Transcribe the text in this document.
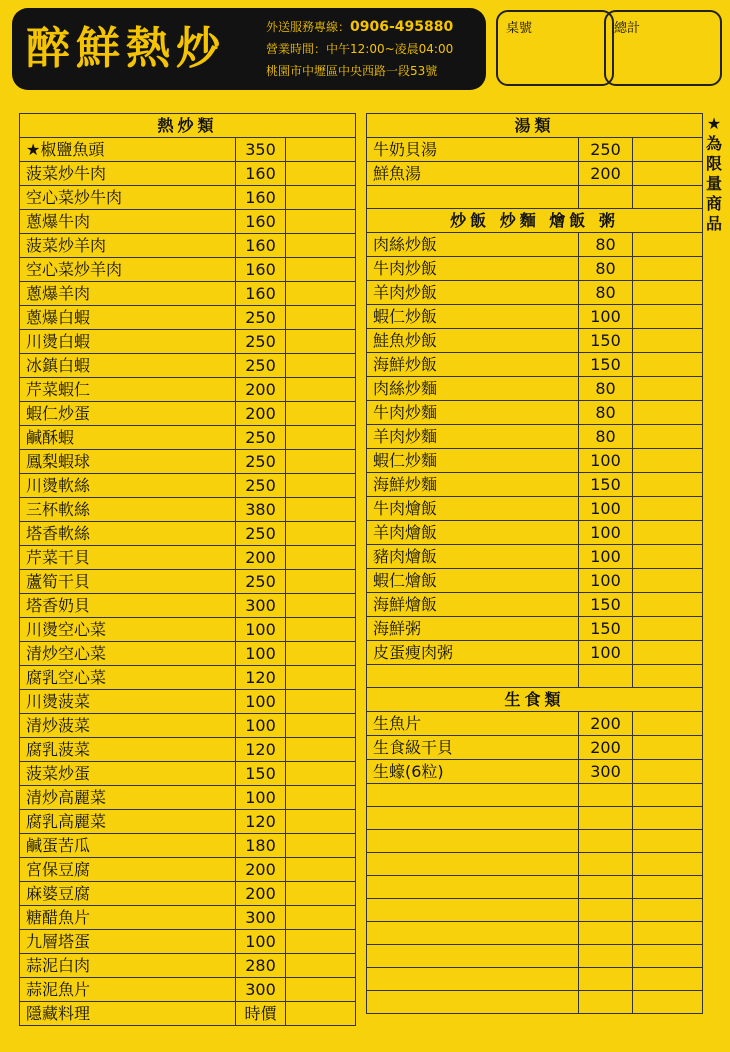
醉鮮熱炒	外送服務專線：0906-495880
營業時間：中午12:00~凌晨04:00
桃園市中壢區中央西路一段53號
桌號	總計
熱炒類		
★椒鹽魚頭	350	
菠菜炒牛肉	160	
空心菜炒牛肉	160	
蔥爆牛肉	160	
菠菜炒羊肉	160	
空心菜炒羊肉	160	
蔥爆羊肉	160	
蔥爆白蝦	250	
川燙白蝦	250	
冰鎮白蝦	250	
芹菜蝦仁	200	
蝦仁炒蛋	200	
鹹酥蝦	250	
鳳梨蝦球	250	
川燙軟絲	250	
三杯軟絲	380	
塔香軟絲	250	
芹菜干貝	200	
蘆筍干貝	250	
塔香奶貝	300	
川燙空心菜	100	
清炒空心菜	100	
腐乳空心菜	120	
川燙菠菜	100	
清炒菠菜	100	
腐乳菠菜	120	
菠菜炒蛋	150	
清炒高麗菜	100	
腐乳高麗菜	120	
鹹蛋苦瓜	180	
宮保豆腐	200	
麻婆豆腐	200	
糖醋魚片	300	
九層塔蛋	100	
蒜泥白肉	280	
蒜泥魚片	300	
隱藏料理	時價	
湯類		
牛奶貝湯	250	
鮮魚湯	200	

炒飯 炒麵 燴飯 粥		
肉絲炒飯	80	
牛肉炒飯	80	
羊肉炒飯	80	
蝦仁炒飯	100	
鮭魚炒飯	150	
海鮮炒飯	150	
肉絲炒麵	80	
牛肉炒麵	80	
羊肉炒麵	80	
蝦仁炒麵	100	
海鮮炒麵	150	
牛肉燴飯	100	
羊肉燴飯	100	
豬肉燴飯	100	
蝦仁燴飯	100	
海鮮燴飯	150	
海鮮粥	150	
皮蛋瘦肉粥	100	

生食類		
生魚片	200	
生食級干貝	200	
生蠔(6粒)	300	

★為限量商品
